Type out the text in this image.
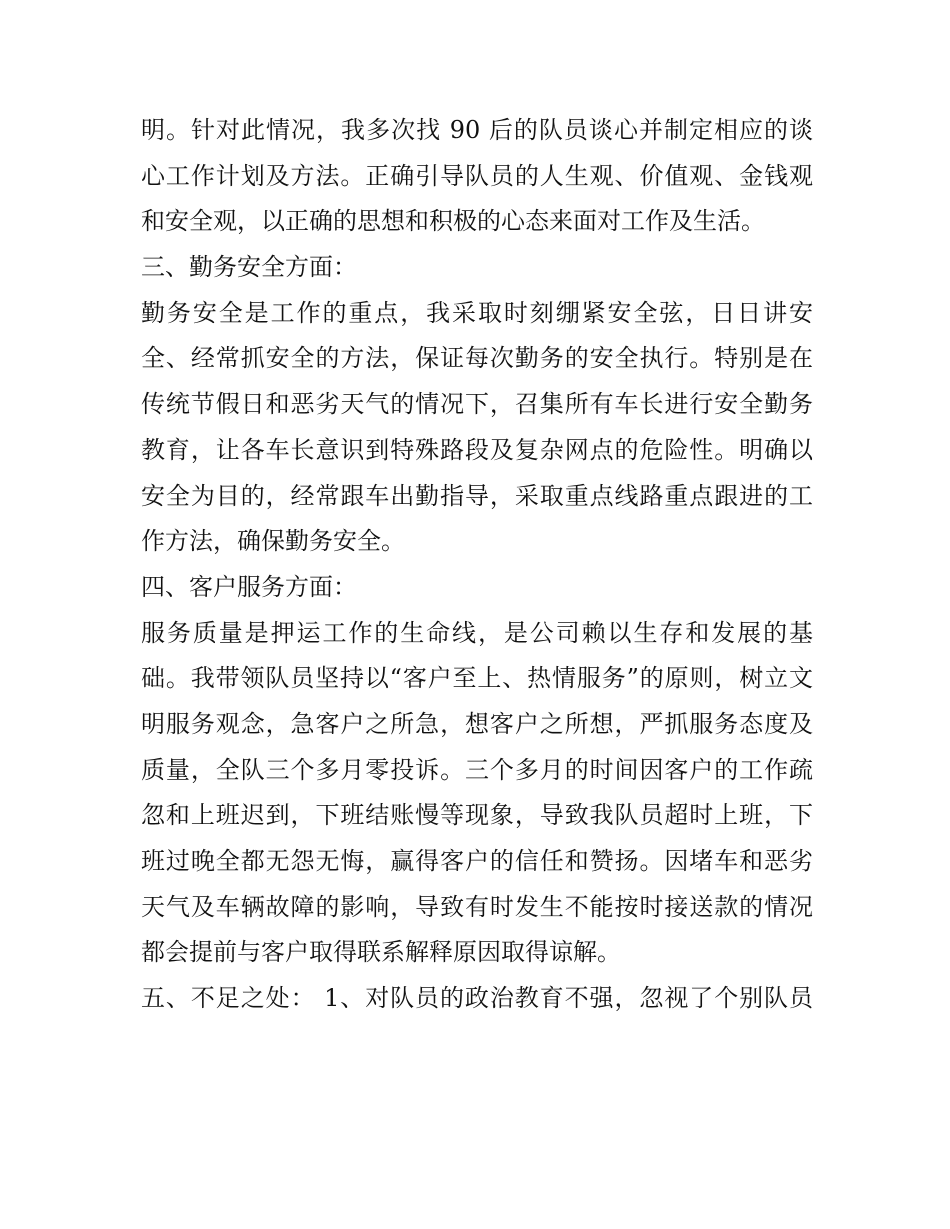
明。针对此情况，我多次找 90 后的队员谈心并制定相应的谈
心工作计划及方法。正确引导队员的人生观、价值观、金钱观
和安全观，以正确的思想和积极的心态来面对工作及生活。
三、勤务安全方面：
勤务安全是工作的重点，我采取时刻绷紧安全弦，日日讲安
全、经常抓安全的方法，保证每次勤务的安全执行。特别是在
传统节假日和恶劣天气的情况下，召集所有车长进行安全勤务
教育，让各车长意识到特殊路段及复杂网点的危险性。明确以
安全为目的，经常跟车出勤指导，采取重点线路重点跟进的工
作方法，确保勤务安全。
四、客户服务方面：
服务质量是押运工作的生命线，是公司赖以生存和发展的基
础。我带领队员坚持以“客户至上、热情服务”的原则，树立文
明服务观念，急客户之所急，想客户之所想，严抓服务态度及
质量，全队三个多月零投诉。三个多月的时间因客户的工作疏
忽和上班迟到，下班结账慢等现象，导致我队员超时上班，下
班过晚全都无怨无悔，赢得客户的信任和赞扬。因堵车和恶劣
天气及车辆故障的影响，导致有时发生不能按时接送款的情况
都会提前与客户取得联系解释原因取得谅解。
五、不足之处： 1、对队员的政治教育不强，忽视了个别队员
